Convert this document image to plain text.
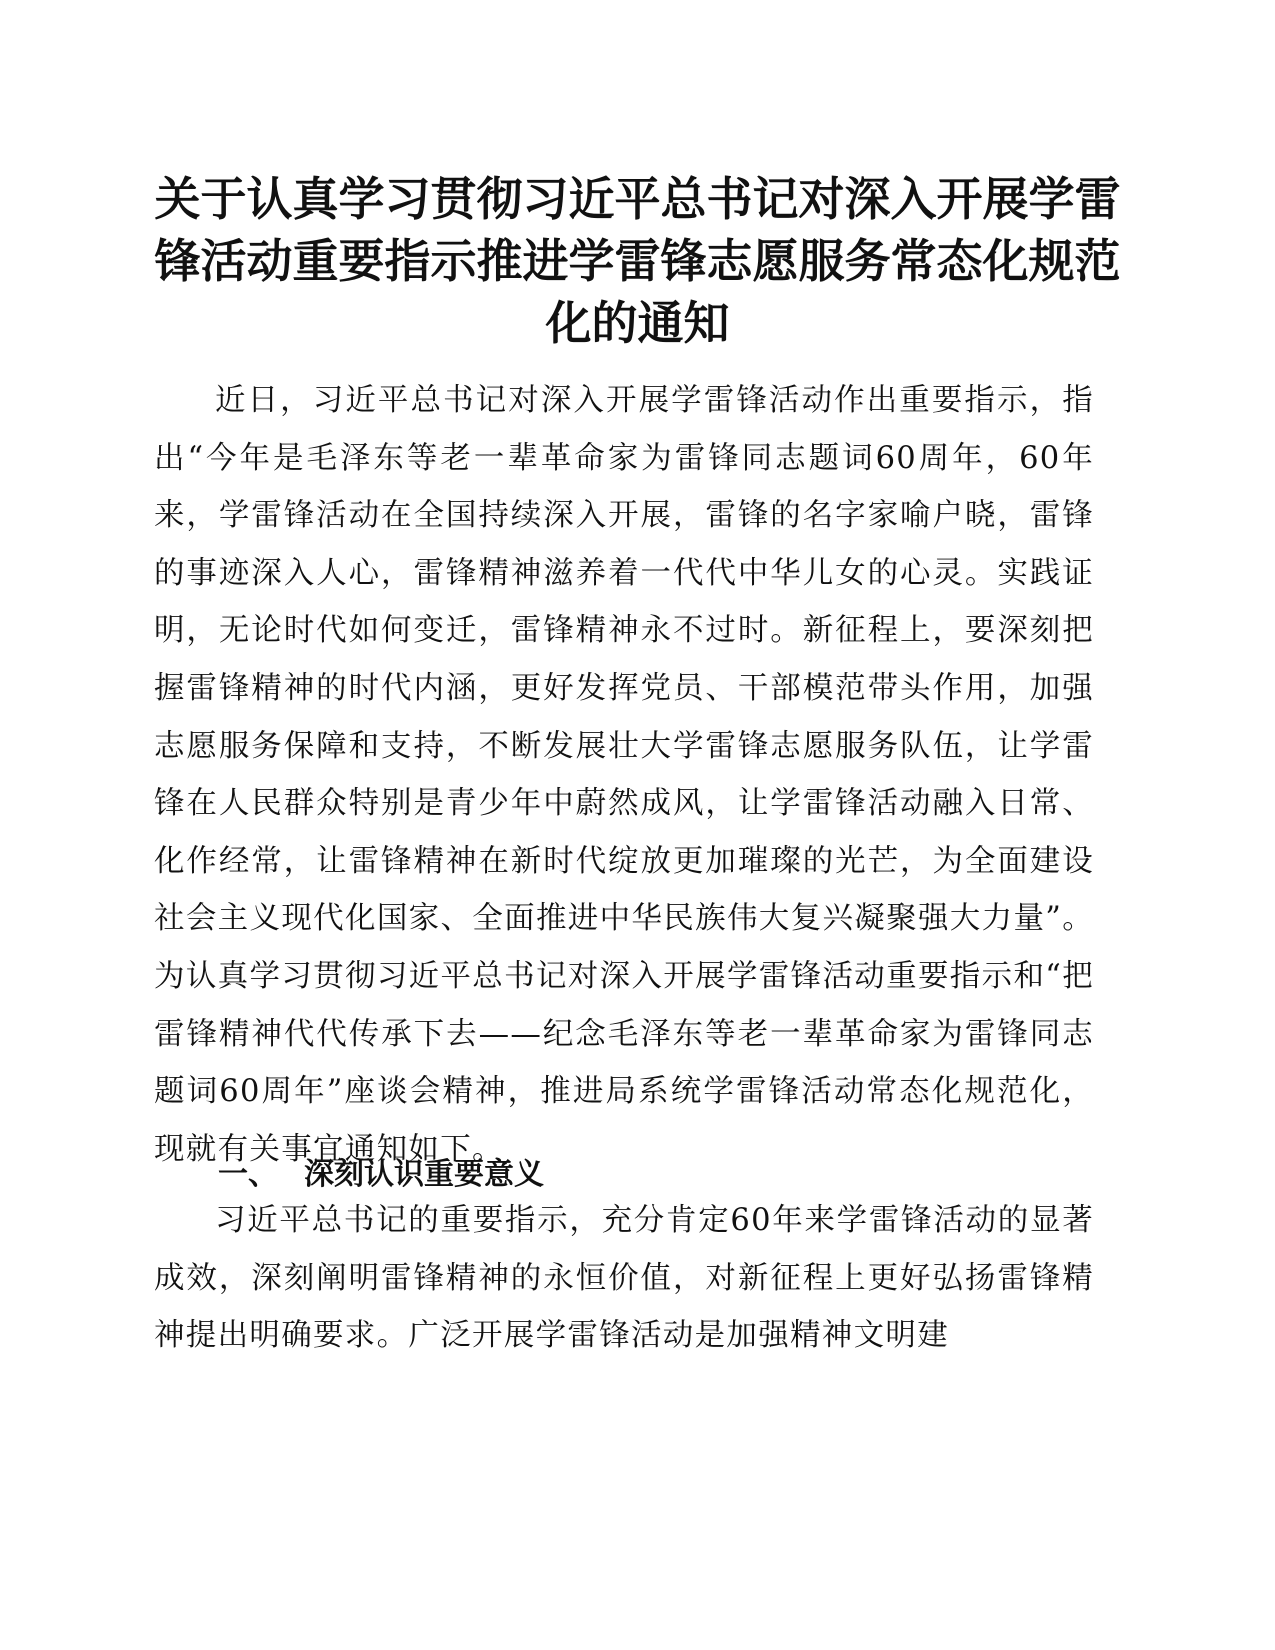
关于认真学习贯彻习近平总书记对深入开展学雷锋活动重要指示推进学雷锋志愿服务常态化规范化的通知

近日，习近平总书记对深入开展学雷锋活动作出重要指示，指出“今年是毛泽东等老一辈革命家为雷锋同志题词60周年，60年来，学雷锋活动在全国持续深入开展，雷锋的名字家喻户晓，雷锋的事迹深入人心，雷锋精神滋养着一代代中华儿女的心灵。实践证明，无论时代如何变迁，雷锋精神永不过时。新征程上，要深刻把握雷锋精神的时代内涵，更好发挥党员、干部模范带头作用，加强志愿服务保障和支持，不断发展壮大学雷锋志愿服务队伍，让学雷锋在人民群众特别是青少年中蔚然成风，让学雷锋活动融入日常、化作经常，让雷锋精神在新时代绽放更加璀璨的光芒，为全面建设社会主义现代化国家、全面推进中华民族伟大复兴凝聚强大力量”。为认真学习贯彻习近平总书记对深入开展学雷锋活动重要指示和“把雷锋精神代代传承下去——纪念毛泽东等老一辈革命家为雷锋同志题词60周年”座谈会精神，推进局系统学雷锋活动常态化规范化，现就有关事宜通知如下。

一、 深刻认识重要意义

习近平总书记的重要指示，充分肯定60年来学雷锋活动的显著成效，深刻阐明雷锋精神的永恒价值，对新征程上更好弘扬雷锋精神提出明确要求。广泛开展学雷锋活动是加强精神文明建
